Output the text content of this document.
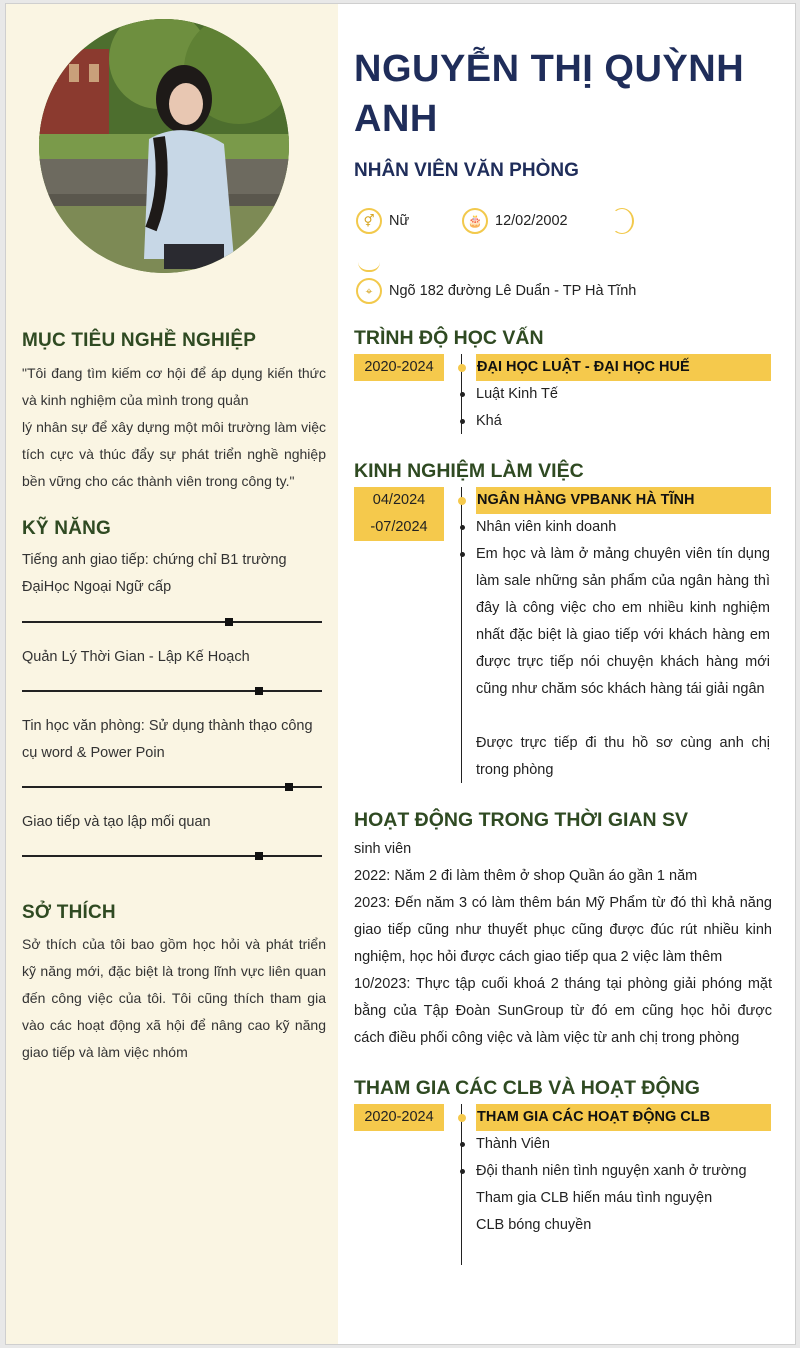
MỤC TIÊU NGHỀ NGHIỆP
"Tôi đang tìm kiếm cơ hội để áp dụng kiến thức và kinh nghiệm của mình trong quản
lý nhân sự để xây dựng một môi trường làm việc tích cực và thúc đẩy sự phát triển nghề nghiệp bền vững cho các thành viên trong công ty."
KỸ NĂNG
Tiếng anh giao tiếp: chứng chỉ B1 trường ĐạiHọc Ngoại Ngữ cấp
Quản Lý Thời Gian - Lập Kế Hoạch
Tin học văn phòng: Sử dụng thành thạo công cụ word & Power Poin
Giao tiếp và tạo lập mối quan
SỞ THÍCH
Sở thích của tôi bao gồm học hỏi và phát triển kỹ năng mới, đặc biệt là trong lĩnh vực liên quan đến công việc của tôi. Tôi cũng thích tham gia vào các hoạt động xã hội để nâng cao kỹ năng giao tiếp và làm việc nhóm
NGUYỄN THỊ QUỲNH ANH
NHÂN VIÊN VĂN PHÒNG
⚥	Nữ	🎂 12/02/2002
⌖	Ngõ 182 đường Lê Duẩn - TP Hà Tĩnh
TRÌNH ĐỘ HỌC VẤN
2020-2024	ĐẠI HỌC LUẬT - ĐẠI HỌC HUẾ
Luật Kinh Tế
Khá
KINH NGHIỆM LÀM VIỆC
04/2024
-07/2024
NGÂN HÀNG VPBANK HÀ TĨNH
Nhân viên kinh doanh
Em học và làm ở mảng chuyên viên tín dụng làm sale những sản phẩm của ngân hàng thì đây là công việc cho em nhiều kinh nghiệm nhất đặc biệt là giao tiếp với khách hàng em được trực tiếp nói chuyện khách hàng mới cũng như chăm sóc khách hàng tái giải ngân
Được trực tiếp đi thu hồ sơ cùng anh chị trong phòng
HOẠT ĐỘNG TRONG THỜI GIAN SV
sinh viên
2022: Năm 2 đi làm thêm ở shop Quần áo gần 1 năm
2023: Đến năm 3 có làm thêm bán Mỹ Phẩm từ đó thì khả năng giao tiếp cũng như thuyết phục cũng được đúc rút nhiều kinh nghiệm, học hỏi được cách giao tiếp qua 2 việc làm thêm
10/2023: Thực tập cuối khoá 2 tháng tại phòng giải phóng mặt bằng của Tập Đoàn SunGroup từ đó em cũng học hỏi được cách điều phối công việc và làm việc từ anh chị trong phòng
THAM GIA CÁC CLB VÀ HOẠT ĐỘNG
2020-2024	THAM GIA CÁC HOẠT ĐỘNG CLB
Thành Viên
Đội thanh niên tình nguyện xanh ở trường
Tham gia CLB hiến máu tình nguyện
CLB bóng chuyền
